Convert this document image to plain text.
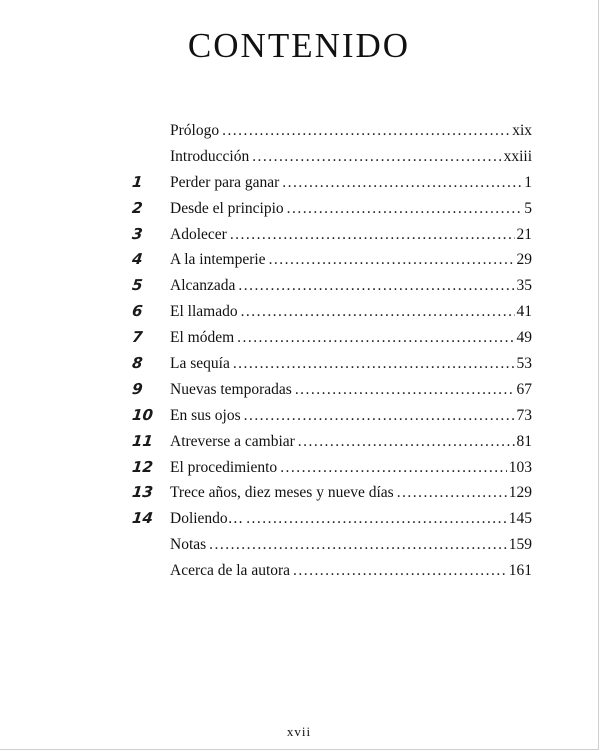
CONTENIDO
Prólogo . . .	xix
Introducción . . .	xxiii
1	Perder para ganar . . .	1
2	Desde el principio . . .	5
3	Adolecer . . .	21
4	A la intemperie . . .	29
5	Alcanzada . . .	35
6	El llamado . . .	41
7	El módem . . .	49
8	La sequía . . .	53
9	Nuevas temporadas . . .	67
10	En sus ojos . . .	73
11	Atreverse a cambiar . . .	81
12	El procedimiento . . .	103
13	Trece años, diez meses y nueve días . . .	129
14	Doliendo… . . .	145
Notas . . .	159
Acerca de la autora . . .	161
xvii
